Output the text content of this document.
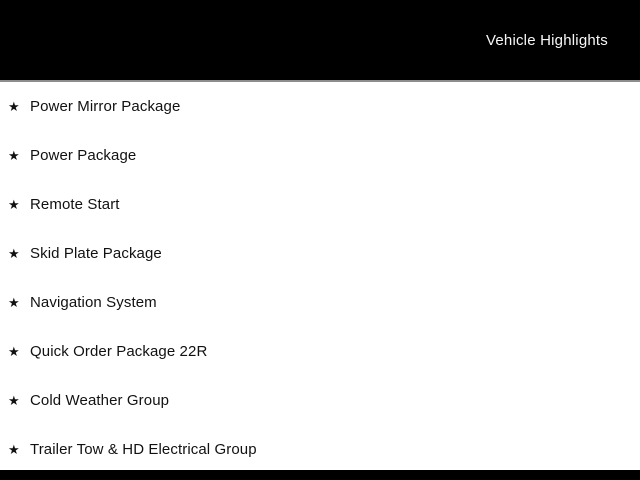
Vehicle Highlights
★ Power Mirror Package
★ Power Package
★ Remote Start
★ Skid Plate Package
★ Navigation System
★ Quick Order Package 22R
★ Cold Weather Group
★ Trailer Tow & HD Electrical Group
